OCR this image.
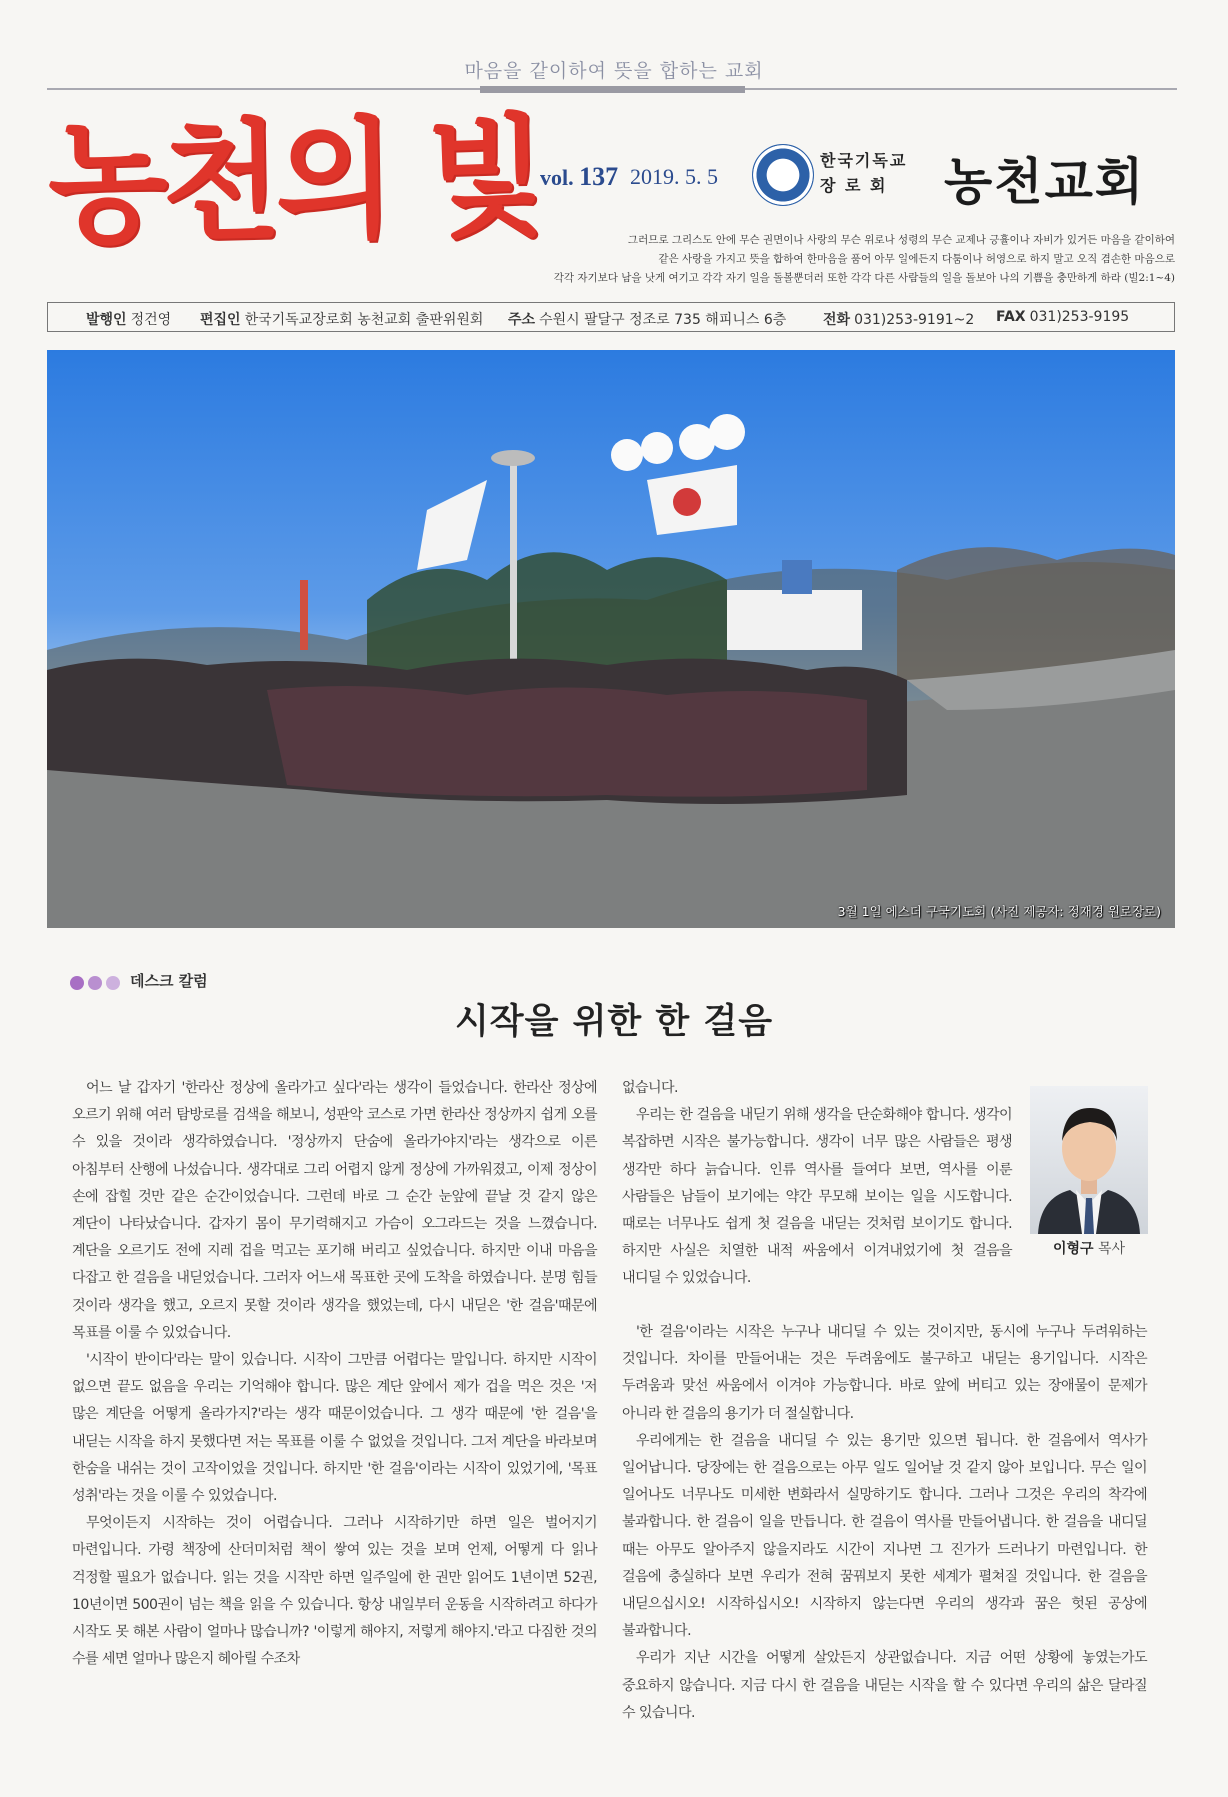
마음을 같이하여 뜻을 합하는 교회
농천의 빛
vol. 137 2019. 5. 5
한국기독교
장 로 회	농천교회
그러므로 그리스도 안에 무슨 권면이나 사랑의 무슨 위로나 성령의 무슨 교제나 긍휼이나 자비가 있거든 마음을 같이하여
같은 사랑을 가지고 뜻을 합하여 한마음을 품어 아무 일에든지 다툼이나 허영으로 하지 말고 오직 겸손한 마음으로
각각 자기보다 남을 낫게 여기고 각각 자기 일을 돌볼뿐더러 또한 각각 다른 사람들의 일을 돌보아 나의 기쁨을 충만하게 하라 (빌2:1~4)
발행인 정건영 편집인 한국기독교장로회 농천교회 출판위원회 주소 수원시 팔달구 정조로 735 해피니스 6층	전화 031)253-9191~2 FAX 031)253-9195
3월 1일 에스더 구국기도회 (사진 제공자: 정재경 원로장로)
데스크 칼럼
시작을 위한 한 걸음

어느 날 갑자기 '한라산 정상에 올라가고 싶다'라는 생각이 들었습니다. 한라산 정상에 오르기 위해 여러 탐방로를 검색을 해보니, 성판악 코스로 가면 한라산 정상까지 쉽게 오를 수 있을 것이라 생각하였습니다. '정상까지 단숨에 올라가야지'라는 생각으로 이른 아침부터 산행에 나섰습니다. 생각대로 그리 어렵지 않게 정상에 가까워졌고, 이제 정상이 손에 잡힐 것만 같은 순간이었습니다. 그런데 바로 그 순간 눈앞에 끝날 것 같지 않은 계단이 나타났습니다. 갑자기 몸이 무기력해지고 가슴이 오그라드는 것을 느꼈습니다. 계단을 오르기도 전에 지레 겁을 먹고는 포기해 버리고 싶었습니다. 하지만 이내 마음을 다잡고 한 걸음을 내딛었습니다. 그러자 어느새 목표한 곳에 도착을 하였습니다. 분명 힘들 것이라 생각을 했고, 오르지 못할 것이라 생각을 했었는데, 다시 내딛은 '한 걸음'때문에 목표를 이룰 수 있었습니다.

'시작이 반이다'라는 말이 있습니다. 시작이 그만큼 어렵다는 말입니다. 하지만 시작이 없으면 끝도 없음을 우리는 기억해야 합니다. 많은 계단 앞에서 제가 겁을 먹은 것은 '저 많은 계단을 어떻게 올라가지?'라는 생각 때문이었습니다. 그 생각 때문에 '한 걸음'을 내딛는 시작을 하지 못했다면 저는 목표를 이룰 수 없었을 것입니다. 그저 계단을 바라보며 한숨을 내쉬는 것이 고작이었을 것입니다. 하지만 '한 걸음'이라는 시작이 있었기에, '목표 성취'라는 것을 이룰 수 있었습니다.

무엇이든지 시작하는 것이 어렵습니다. 그러나 시작하기만 하면 일은 벌어지기 마련입니다. 가령 책장에 산더미처럼 책이 쌓여 있는 것을 보며 언제, 어떻게 다 읽나 걱정할 필요가 없습니다. 읽는 것을 시작만 하면 일주일에 한 권만 읽어도 1년이면 52권, 10년이면 500권이 넘는 책을 읽을 수 있습니다. 항상 내일부터 운동을 시작하려고 하다가 시작도 못 해본 사람이 얼마나 많습니까? '이렇게 해야지, 저렇게 해야지.'라고 다짐한 것의 수를 세면 얼마나 많은지 헤아릴 수조차

없습니다.

우리는 한 걸음을 내딛기 위해 생각을 단순화해야 합니다. 생각이 복잡하면 시작은 불가능합니다. 생각이 너무 많은 사람들은 평생 생각만 하다 늙습니다. 인류 역사를 들여다 보면, 역사를 이룬 사람들은 남들이 보기에는 약간 무모해 보이는 일을 시도합니다. 때로는 너무나도 쉽게 첫 걸음을 내딛는 것처럼 보이기도 합니다. 하지만 사실은 치열한 내적 싸움에서 이겨내었기에 첫 걸음을 내디딜 수 있었습니다.

이형구 목사

'한 걸음'이라는 시작은 누구나 내디딜 수 있는 것이지만, 동시에 누구나 두려워하는 것입니다. 차이를 만들어내는 것은 두려움에도 불구하고 내딛는 용기입니다. 시작은 두려움과 맞선 싸움에서 이겨야 가능합니다. 바로 앞에 버티고 있는 장애물이 문제가 아니라 한 걸음의 용기가 더 절실합니다.

우리에게는 한 걸음을 내디딜 수 있는 용기만 있으면 됩니다. 한 걸음에서 역사가 일어납니다. 당장에는 한 걸음으로는 아무 일도 일어날 것 같지 않아 보입니다. 무슨 일이 일어나도 너무나도 미세한 변화라서 실망하기도 합니다. 그러나 그것은 우리의 착각에 불과합니다. 한 걸음이 일을 만듭니다. 한 걸음이 역사를 만들어냅니다. 한 걸음을 내디딜 때는 아무도 알아주지 않을지라도 시간이 지나면 그 진가가 드러나기 마련입니다. 한 걸음에 충실하다 보면 우리가 전혀 꿈꿔보지 못한 세계가 펼쳐질 것입니다. 한 걸음을 내딛으십시오! 시작하십시오! 시작하지 않는다면 우리의 생각과 꿈은 헛된 공상에 불과합니다.

우리가 지난 시간을 어떻게 살았든지 상관없습니다. 지금 어떤 상황에 놓였는가도 중요하지 않습니다. 지금 다시 한 걸음을 내딛는 시작을 할 수 있다면 우리의 삶은 달라질 수 있습니다.
